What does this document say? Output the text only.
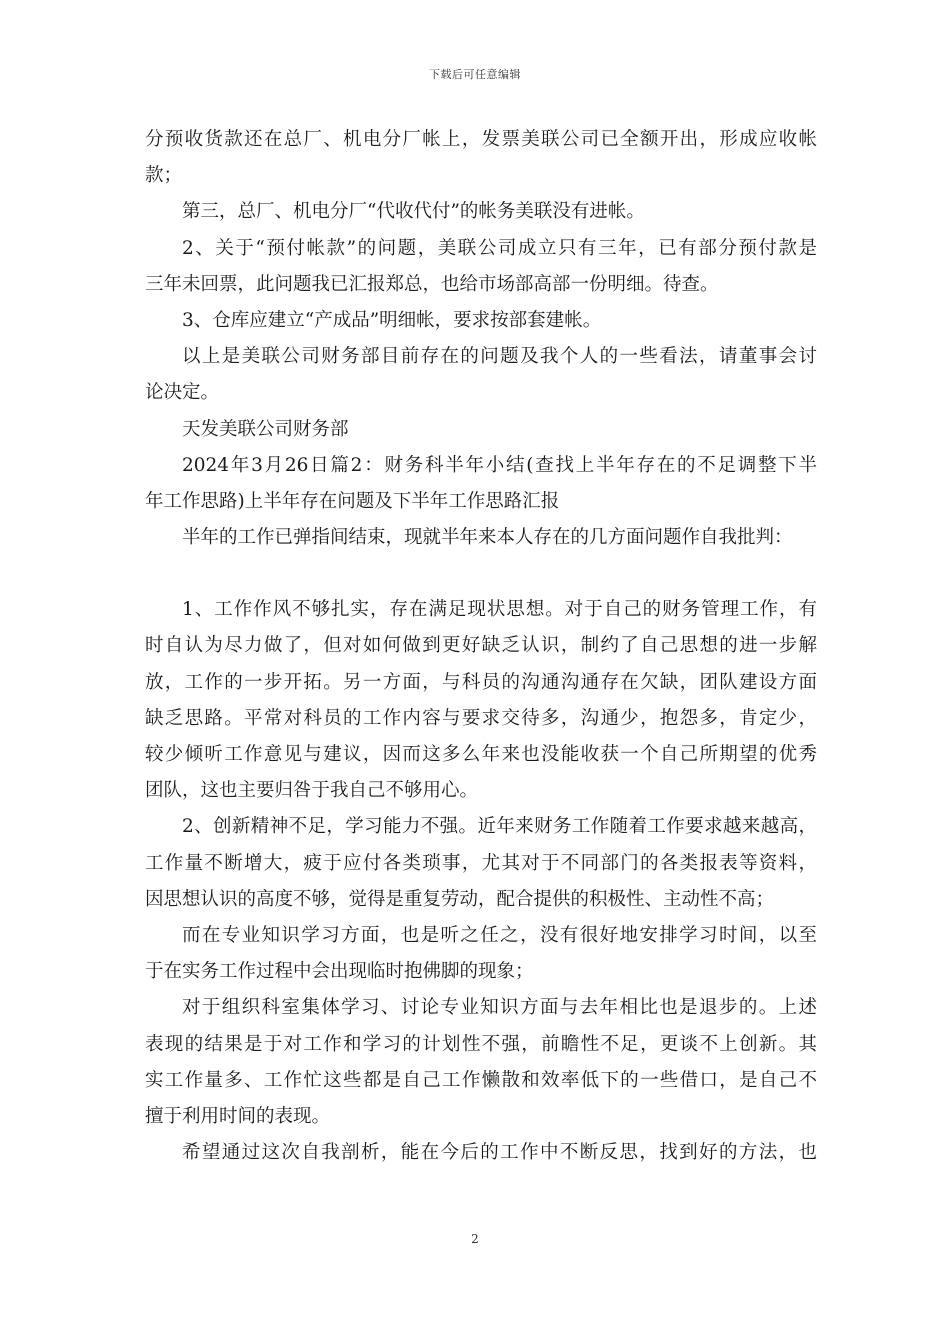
下载后可任意编辑
分预收货款还在总厂、机电分厂帐上，发票美联公司已全额开出，形成应收帐
款；
第三，总厂、机电分厂“代收代付”的帐务美联没有进帐。
2、关于“预付帐款”的问题，美联公司成立只有三年，已有部分预付款是
三年未回票，此问题我已汇报郑总，也给市场部高部一份明细。待查。
3、仓库应建立“产成品”明细帐，要求按部套建帐。
以上是美联公司财务部目前存在的问题及我个人的一些看法，请董事会讨
论决定。
天发美联公司财务部
2024年3月26日篇2：财务科半年小结(查找上半年存在的不足调整下半
年工作思路)上半年存在问题及下半年工作思路汇报
半年的工作已弹指间结束，现就半年来本人存在的几方面问题作自我批判：
1、工作作风不够扎实，存在满足现状思想。对于自己的财务管理工作，有
时自认为尽力做了，但对如何做到更好缺乏认识，制约了自己思想的进一步解
放，工作的一步开拓。另一方面，与科员的沟通沟通存在欠缺，团队建设方面
缺乏思路。平常对科员的工作内容与要求交待多，沟通少，抱怨多，肯定少，
较少倾听工作意见与建议，因而这多么年来也没能收获一个自己所期望的优秀
团队，这也主要归咎于我自己不够用心。
2、创新精神不足，学习能力不强。近年来财务工作随着工作要求越来越高，
工作量不断增大，疲于应付各类琐事，尤其对于不同部门的各类报表等资料，
因思想认识的高度不够，觉得是重复劳动，配合提供的积极性、主动性不高；
而在专业知识学习方面，也是听之任之，没有很好地安排学习时间，以至
于在实务工作过程中会出现临时抱佛脚的现象；
对于组织科室集体学习、讨论专业知识方面与去年相比也是退步的。上述
表现的结果是于对工作和学习的计划性不强，前瞻性不足，更谈不上创新。其
实工作量多、工作忙这些都是自己工作懒散和效率低下的一些借口，是自己不
擅于利用时间的表现。
希望通过这次自我剖析，能在今后的工作中不断反思，找到好的方法，也
2
